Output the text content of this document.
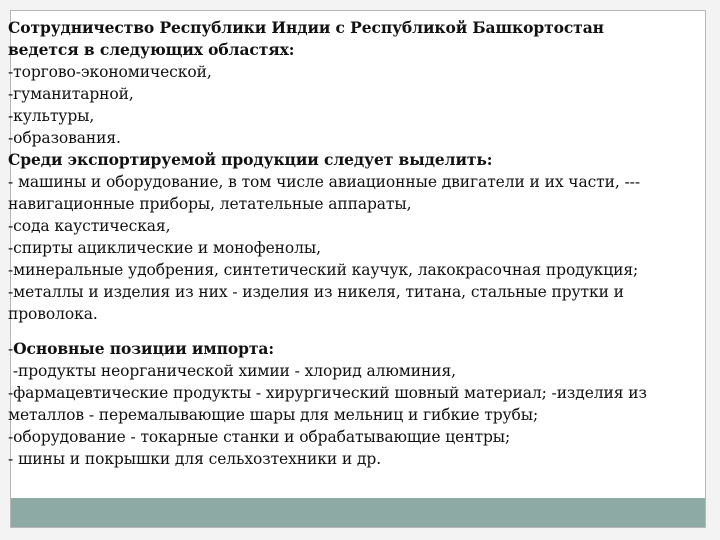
Сотрудничество Республики Индии с Республикой Башкортостан
ведется в следующих областях:
-торгово-экономической,
-гуманитарной,
-культуры,
-образования.
Среди экспортируемой продукции следует выделить:
- машины и оборудование, в том числе авиационные двигатели и их части, ---
навигационные приборы, летательные аппараты,
-сода каустическая,
-спирты ациклические и монофенолы,
-минеральные удобрения, синтетический каучук, лакокрасочная продукция;
-металлы и изделия из них - изделия из никеля, титана, стальные прутки и
проволока.
-Основные позиции импорта:
-продукты неорганической химии - хлорид алюминия,
-фармацевтические продукты - хирургический шовный материал; -изделия из
металлов - перемалывающие шары для мельниц и гибкие трубы;
-оборудование - токарные станки и обрабатывающие центры;
- шины и покрышки для сельхозтехники и др.
